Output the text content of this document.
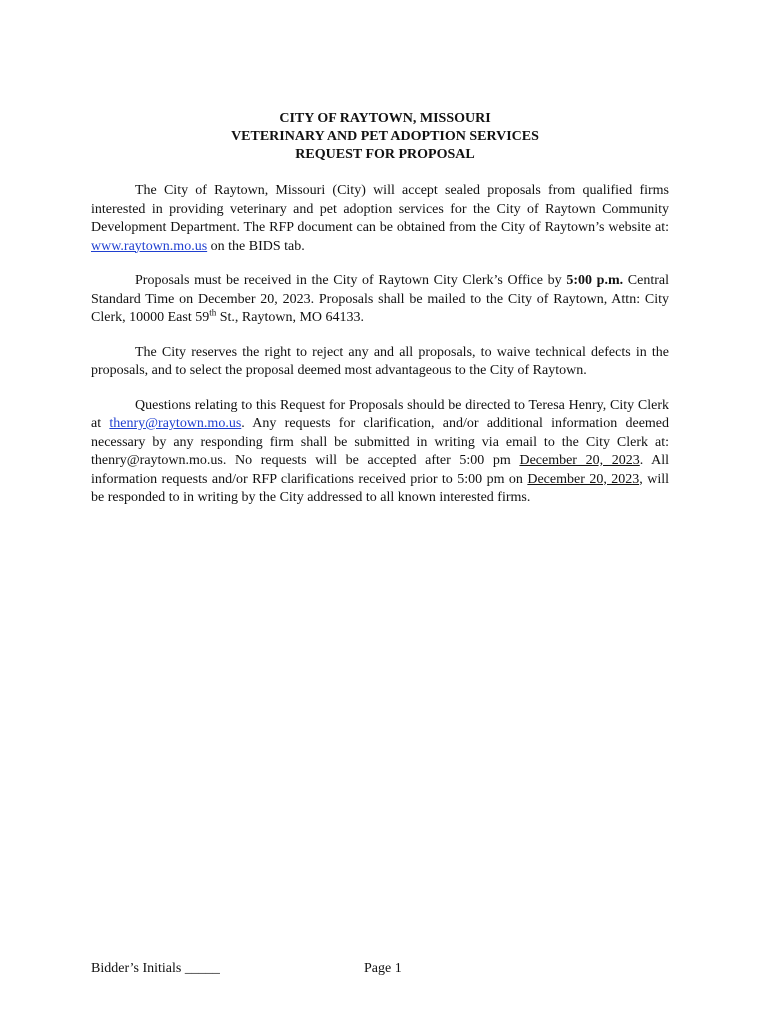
CITY OF RAYTOWN, MISSOURI
VETERINARY AND PET ADOPTION SERVICES
REQUEST FOR PROPOSAL

The City of Raytown, Missouri (City) will accept sealed proposals from qualified firms interested in providing veterinary and pet adoption services for the City of Raytown Community Development Department. The RFP document can be obtained from the City of Raytown’s website at: www.raytown.mo.us on the BIDS tab.

Proposals must be received in the City of Raytown City Clerk’s Office by 5:00 p.m. Central Standard Time on December 20, 2023. Proposals shall be mailed to the City of Raytown, Attn: City Clerk, 10000 East 59th St., Raytown, MO 64133.

The City reserves the right to reject any and all proposals, to waive technical defects in the proposals, and to select the proposal deemed most advantageous to the City of Raytown.

Questions relating to this Request for Proposals should be directed to Teresa Henry, City Clerk at thenry@raytown.mo.us. Any requests for clarification, and/or additional information deemed necessary by any responding firm shall be submitted in writing via email to the City Clerk at: thenry@raytown.mo.us. No requests will be accepted after 5:00 pm December 20, 2023. All information requests and/or RFP clarifications received prior to 5:00 pm on December 20, 2023, will be responded to in writing by the City addressed to all known interested firms.

Bidder’s Initials _____	Page 1
